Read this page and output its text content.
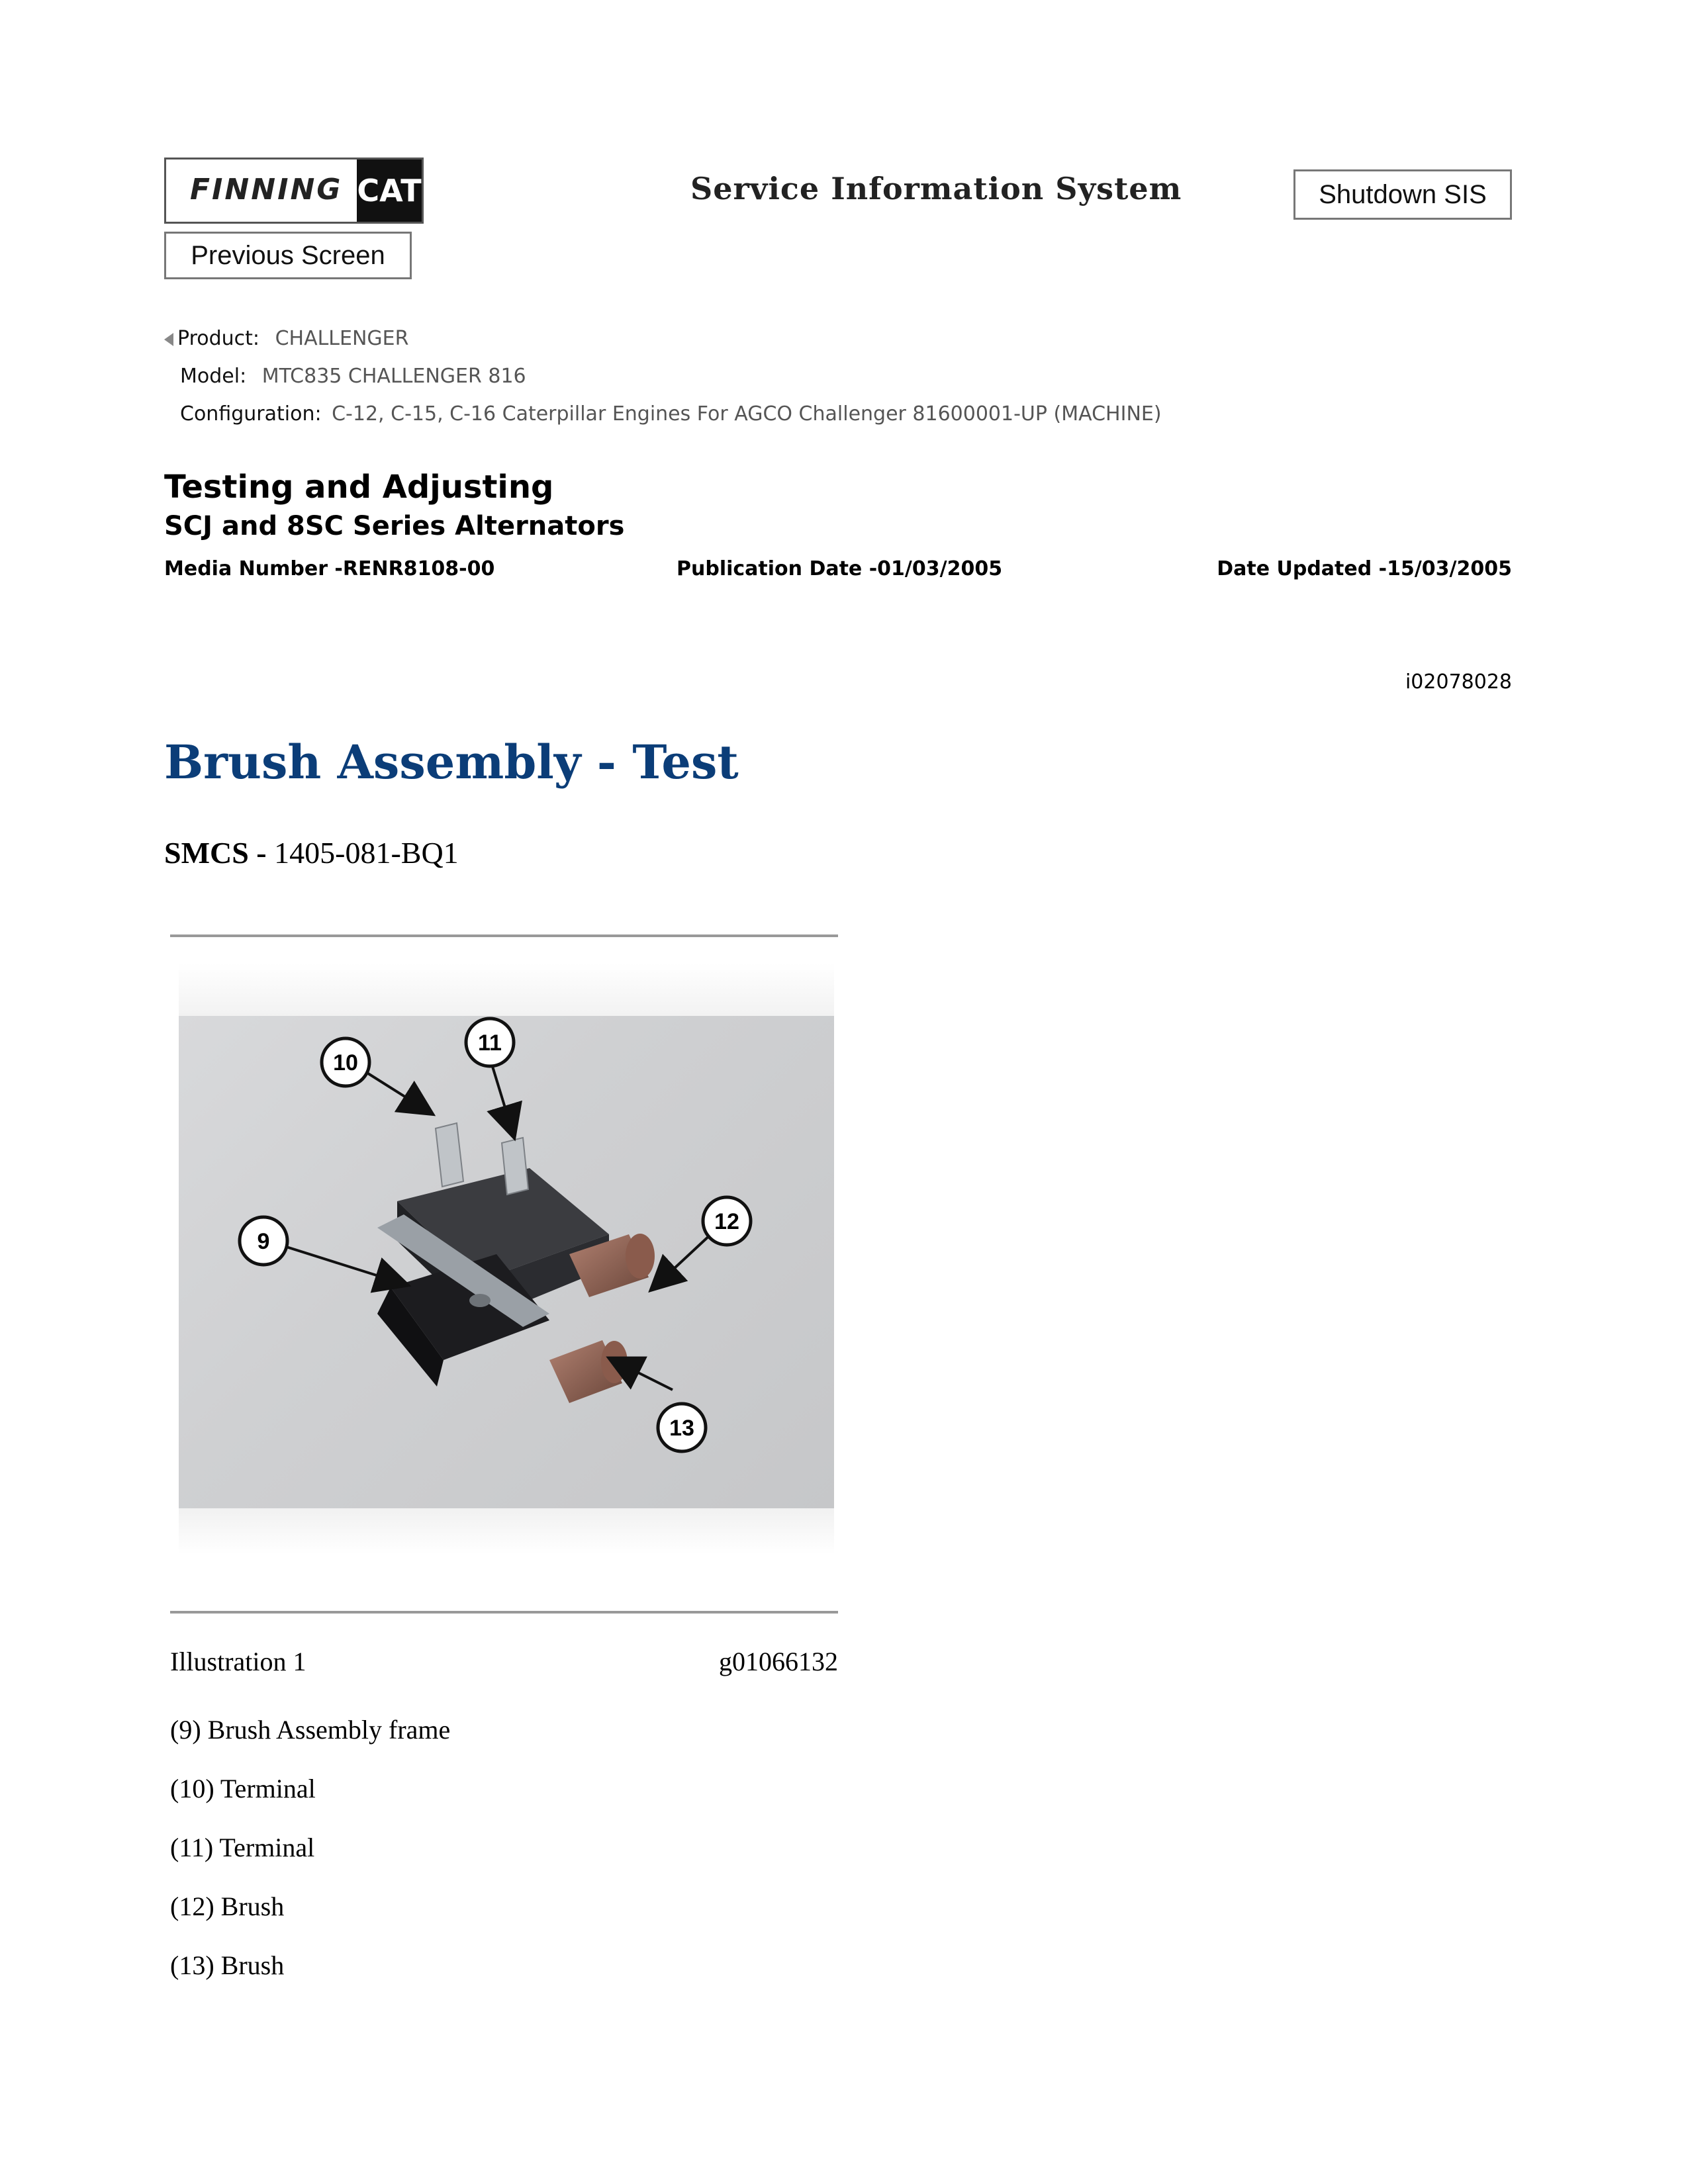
FINNING CAT	Service Information System	Shutdown SIS
Previous Screen
Product: CHALLENGER
Model: MTC835 CHALLENGER 816
Configuration: C-12, C-15, C-16 Caterpillar Engines For AGCO Challenger 81600001-UP (MACHINE)
Testing and Adjusting
SCJ and 8SC Series Alternators
Media Number -RENR8108-00	Publication Date -01/03/2005	Date Updated -15/03/2005
i02078028
Brush Assembly - Test
SMCS - 1405-081-BQ1
10
11
9
12
13
Illustration 1	g01066132
(9) Brush Assembly frame
(10) Terminal
(11) Terminal
(12) Brush
(13) Brush
